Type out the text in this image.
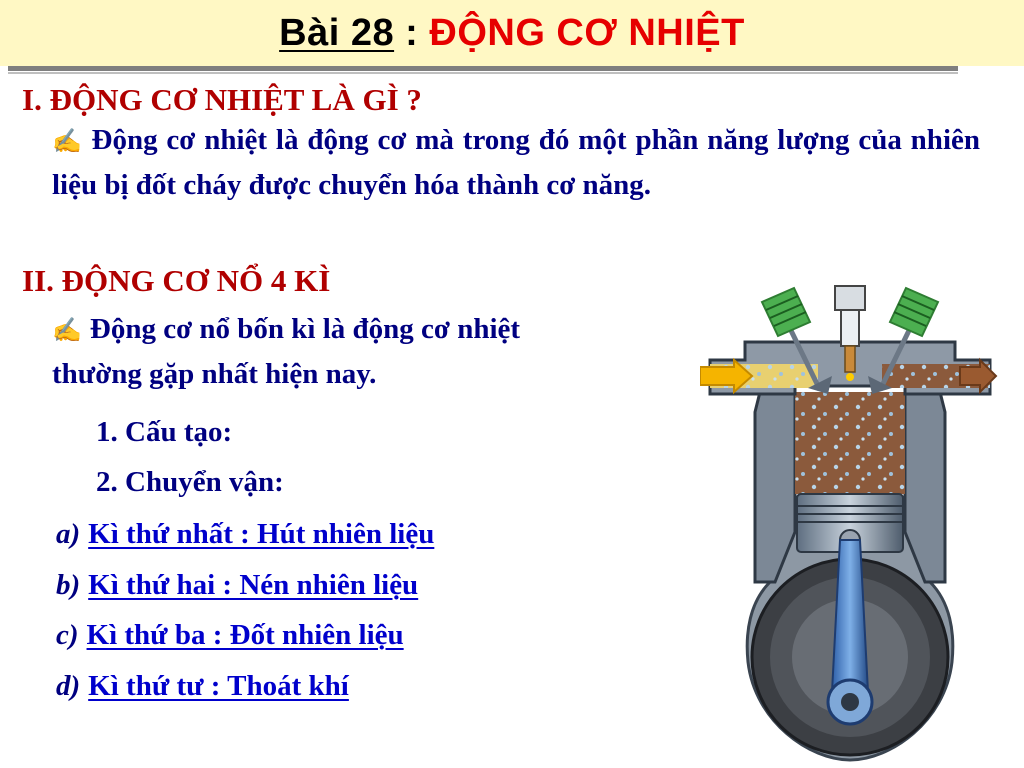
Bài 28 : ĐỘNG CƠ NHIỆT
I. ĐỘNG CƠ NHIỆT LÀ GÌ ?
✍ Động cơ nhiệt là động cơ mà trong đó một phần năng lượng của nhiên liệu bị đốt cháy được chuyển hóa thành cơ năng.
II. ĐỘNG CƠ NỔ 4 KÌ
✍ Động cơ nổ bốn kì là động cơ nhiệt thường gặp nhất hiện nay.
1. Cấu tạo:
2. Chuyển vận:
a) Kì thứ nhất : Hút nhiên liệu
b) Kì thứ hai : Nén nhiên liệu
c) Kì thứ ba : Đốt nhiên liệu
d) Kì thứ tư : Thoát khí
